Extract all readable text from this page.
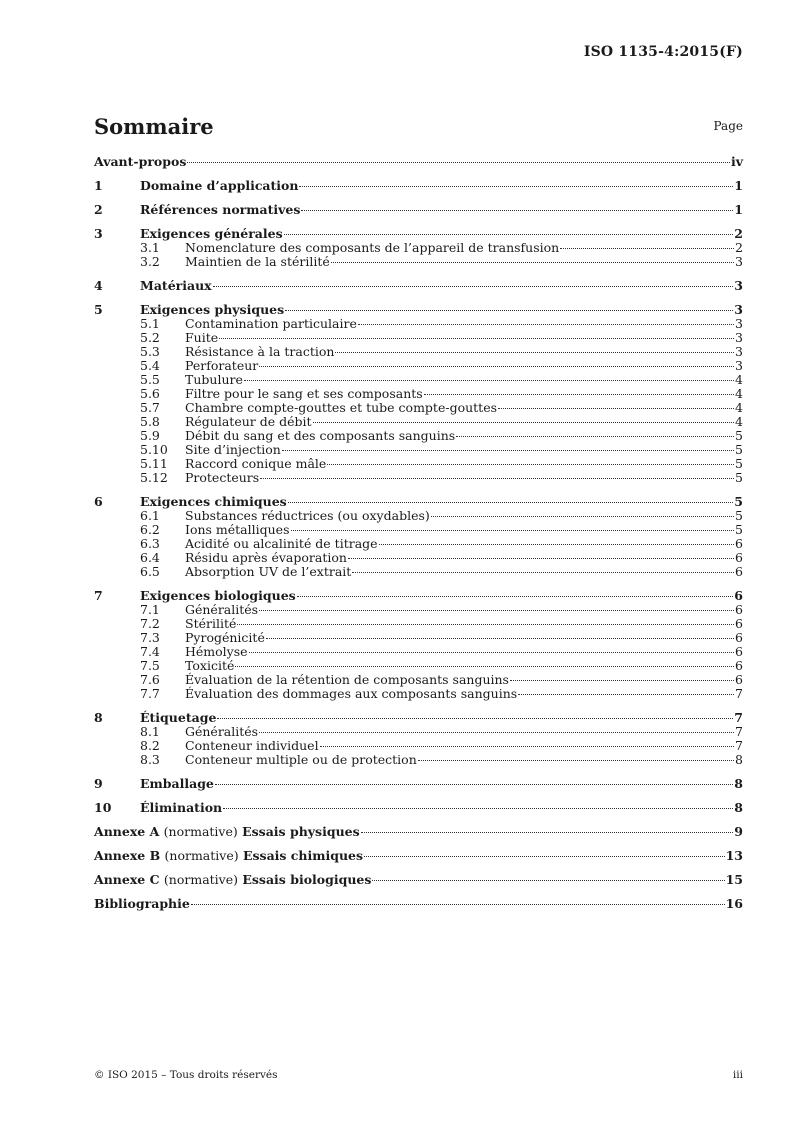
ISO 1135-4:2015(F)
Sommaire	Page
Avant-propos	iv
1	Domaine d’application	1
2	Références normatives	1
3	Exigences générales	2
3.1	Nomenclature des composants de l’appareil de transfusion	2
3.2	Maintien de la stérilité	3
4	Matériaux	3
5	Exigences physiques	3
5.1	Contamination particulaire	3
5.2	Fuite	3
5.3	Résistance à la traction	3
5.4	Perforateur	3
5.5	Tubulure	4
5.6	Filtre pour le sang et ses composants	4
5.7	Chambre compte-gouttes et tube compte-gouttes	4
5.8	Régulateur de débit	4
5.9	Débit du sang et des composants sanguins	5
5.10	Site d’injection	5
5.11	Raccord conique mâle	5
5.12	Protecteurs	5
6	Exigences chimiques	5
6.1	Substances réductrices (ou oxydables)	5
6.2	Ions métalliques	5
6.3	Acidité ou alcalinité de titrage	6
6.4	Résidu après évaporation	6
6.5	Absorption UV de l’extrait	6
7	Exigences biologiques	6
7.1	Généralités	6
7.2	Stérilité	6
7.3	Pyrogénicité	6
7.4	Hémolyse	6
7.5	Toxicité	6
7.6	Évaluation de la rétention de composants sanguins	6
7.7	Évaluation des dommages aux composants sanguins	7
8	Étiquetage	7
8.1	Généralités	7
8.2	Conteneur individuel	7
8.3	Conteneur multiple ou de protection	8
9	Emballage	8
10	Élimination	8
Annexe A (normative) Essais physiques	9
Annexe B (normative) Essais chimiques	13
Annexe C (normative) Essais biologiques	15
Bibliographie	16
© ISO 2015 – Tous droits réservés	iii
